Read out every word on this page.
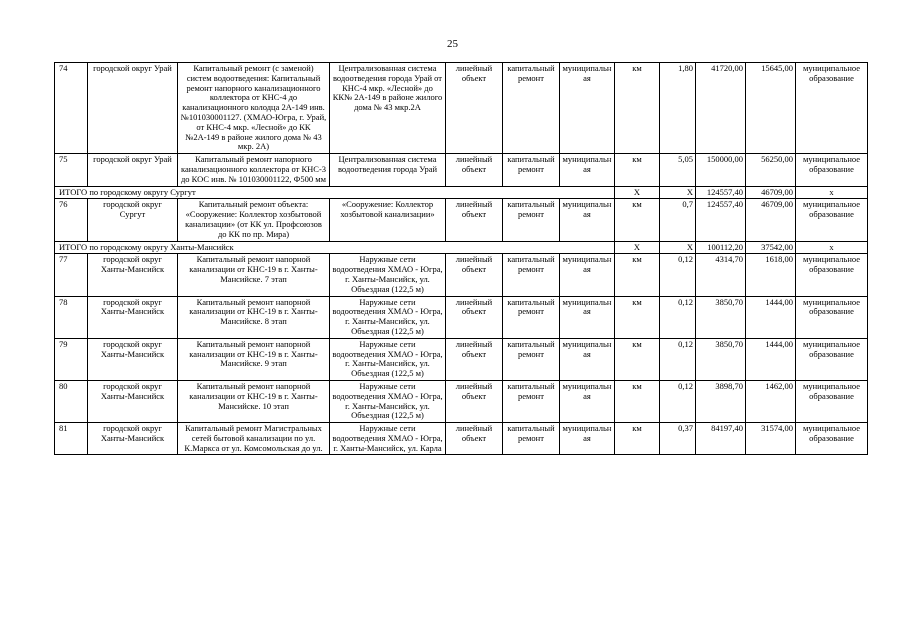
25
74	городской округ Урай	Капитальный ремонт (с заменой) систем водоотведения: Капитальный ремонт напорного канализационного коллектора от КНС-4 до канализационного колодца 2А-149 инв.№101030001127. (ХМАО-Югра, г. Урай, от КНС-4 мкр. «Лесной» до КК №2А-149 в районе жилого дома № 43 мкр. 2А)	Централизованная система водоотведения города Урай от КНС-4 мкр. «Лесной» до КК№ 2А-149 в районе жилого дома № 43 мкр.2А	линейный объект	капитальный ремонт	муниципальная	км	1,80	41720,00	15645,00	муниципальное образование
75	городской округ Урай	Капитальный ремонт напорного канализационного коллектора от КНС-3 до КОС инв. № 101030001122, Ф500 мм	Централизованная система водоотведения города Урай	линейный объект	капитальный ремонт	муниципальная	км	5,05	150000,00	56250,00	муниципальное образование
ИТОГО по городскому округу Сургут							Х	Х	124557,40	46709,00	х
76	городской округ Сургут	Капитальный ремонт объекта: «Сооружение: Коллектор хозбытовой канализации» (от КК ул. Профсоюзов до КК по пр. Мира)	«Сооружение: Коллектор хозбытовой канализации»	линейный объект	капитальный ремонт	муниципальная	км	0,7	124557,40	46709,00	муниципальное образование
ИТОГО по городскому округу Ханты-Мансийск							Х	Х	100112,20	37542,00	х
77	городской округ Ханты-Мансийск	Капитальный ремонт напорной канализации от КНС-19 в г. Ханты-Мансийске. 7 этап	Наружные сети водоотведения ХМАО - Югра, г. Ханты-Мансийск, ул. Объездная (122,5 м)	линейный объект	капитальный ремонт	муниципальная	км	0,12	4314,70	1618,00	муниципальное образование
78	городской округ Ханты-Мансийск	Капитальный ремонт напорной канализации от КНС-19 в г. Ханты-Мансийске. 8 этап	Наружные сети водоотведения ХМАО - Югра, г. Ханты-Мансийск, ул. Объездная (122,5 м)	линейный объект	капитальный ремонт	муниципальная	км	0,12	3850,70	1444,00	муниципальное образование
79	городской округ Ханты-Мансийск	Капитальный ремонт напорной канализации от КНС-19 в г. Ханты-Мансийске. 9 этап	Наружные сети водоотведения ХМАО - Югра, г. Ханты-Мансийск, ул. Объездная (122,5 м)	линейный объект	капитальный ремонт	муниципальная	км	0,12	3850,70	1444,00	муниципальное образование
80	городской округ Ханты-Мансийск	Капитальный ремонт напорной канализации от КНС-19 в г. Ханты-Мансийске. 10 этап	Наружные сети водоотведения ХМАО - Югра, г. Ханты-Мансийск, ул. Объездная (122,5 м)	линейный объект	капитальный ремонт	муниципальная	км	0,12	3898,70	1462,00	муниципальное образование
81	городской округ Ханты-Мансийск	Капитальный ремонт Магистральных сетей бытовой канализации по ул. К.Маркса от ул. Комсомольская до ул.	Наружные сети водоотведения ХМАО - Югра, г. Ханты-Мансийск, ул. Карла	линейный объект	капитальный ремонт	муниципальная	км	0,37	84197,40	31574,00	муниципальное образование
